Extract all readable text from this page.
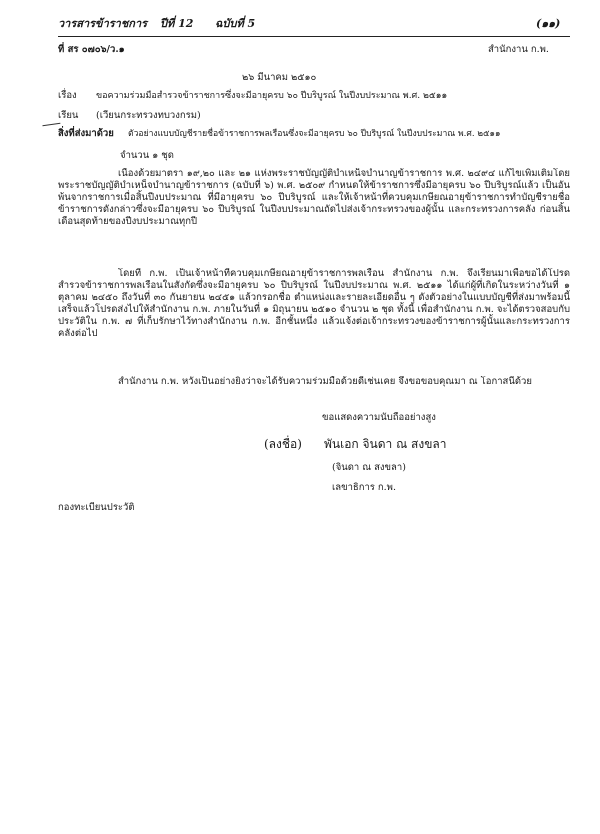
วารสารข้าราชการ ปีที่ 12 ฉบับที่ 5	(๑๑)
ที่ สร ๐๗๐๖/ว.๑	สำนักงาน ก.พ.
๒๖ มีนาคม ๒๕๑๐
เรื่อง ขอความร่วมมือสำรวจข้าราชการซึ่งจะมีอายุครบ ๖๐ ปีบริบูรณ์ ในปีงบประมาณ พ.ศ. ๒๕๑๑
เรียน (เวียนกระทรวงทบวงกรม)
สิ่งที่ส่งมาด้วย ตัวอย่างแบบบัญชีรายชื่อข้าราชการพลเรือนซึ่งจะมีอายุครบ ๖๐ ปีบริบูรณ์ ในปีงบประมาณ พ.ศ. ๒๕๑๑
จำนวน ๑ ชุด
เนื่องด้วยมาตรา ๑๙,๒๐ และ ๒๑ แห่งพระราชบัญญัติบำเหน็จบำนาญข้าราชการ พ.ศ. ๒๔๙๔ แก้ไขเพิ่มเติมโดยพระราชบัญญัติบำเหน็จบำนาญข้าราชการ (ฉบับที่ ๖) พ.ศ. ๒๕๐๙ กำหนดให้ข้าราชการซึ่งมีอายุครบ ๖๐ ปีบริบูรณ์แล้ว เป็นอันพ้นจากราชการเมื่อสิ้นปีงบประมาณ ที่มีอายุครบ ๖๐ ปีบริบูรณ์ และให้เจ้าหน้าที่ควบคุมเกษียณอายุข้าราชการทำบัญชีรายชื่อข้าราชการดังกล่าวซึ่งจะมีอายุครบ ๖๐ ปีบริบูรณ์ ในปีงบประมาณถัดไปส่งเจ้ากระทรวงของผู้นั้น และกระทรวงการคลัง ก่อนสิ้นเดือนสุดท้ายของปีงบประมาณทุกปี
โดยที่ ก.พ. เป็นเจ้าหน้าที่ควบคุมเกษียณอายุข้าราชการพลเรือน สำนักงาน ก.พ. จึงเรียนมาเพื่อขอได้โปรดสำรวจข้าราชการพลเรือนในสังกัดซึ่งจะมีอายุครบ ๖๐ ปีบริบูรณ์ ในปีงบประมาณ พ.ศ. ๒๕๑๑ ได้แก่ผู้ที่เกิดในระหว่างวันที่ ๑ ตุลาคม ๒๔๕๐ ถึงวันที่ ๓๐ กันยายน ๒๔๕๑ แล้วกรอกชื่อ ตำแหน่งและรายละเอียดอื่น ๆ ดังตัวอย่างในแบบบัญชีที่ส่งมาพร้อมนี้ เสร็จแล้วโปรดส่งไปให้สำนักงาน ก.พ. ภายในวันที่ ๑ มิถุนายน ๒๕๑๐ จำนวน ๒ ชุด ทั้งนี้ เพื่อสำนักงาน ก.พ. จะได้ตรวจสอบกับประวัติใน ก.พ. ๗ ที่เก็บรักษาไว้ทางสำนักงาน ก.พ. อีกชั้นหนึ่ง แล้วแจ้งต่อเจ้ากระทรวงของข้าราชการผู้นั้นและกระทรวงการคลังต่อไป
สำนักงาน ก.พ. หวังเป็นอย่างยิ่งว่าจะได้รับความร่วมมือด้วยดีเช่นเคย จึงขอขอบคุณมา ณ โอกาสนี้ด้วย
ขอแสดงความนับถืออย่างสูง
(ลงชื่อ) พันเอก จินดา ณ สงขลา
(จินดา ณ สงขลา)
เลขาธิการ ก.พ.
กองทะเบียนประวัติ
